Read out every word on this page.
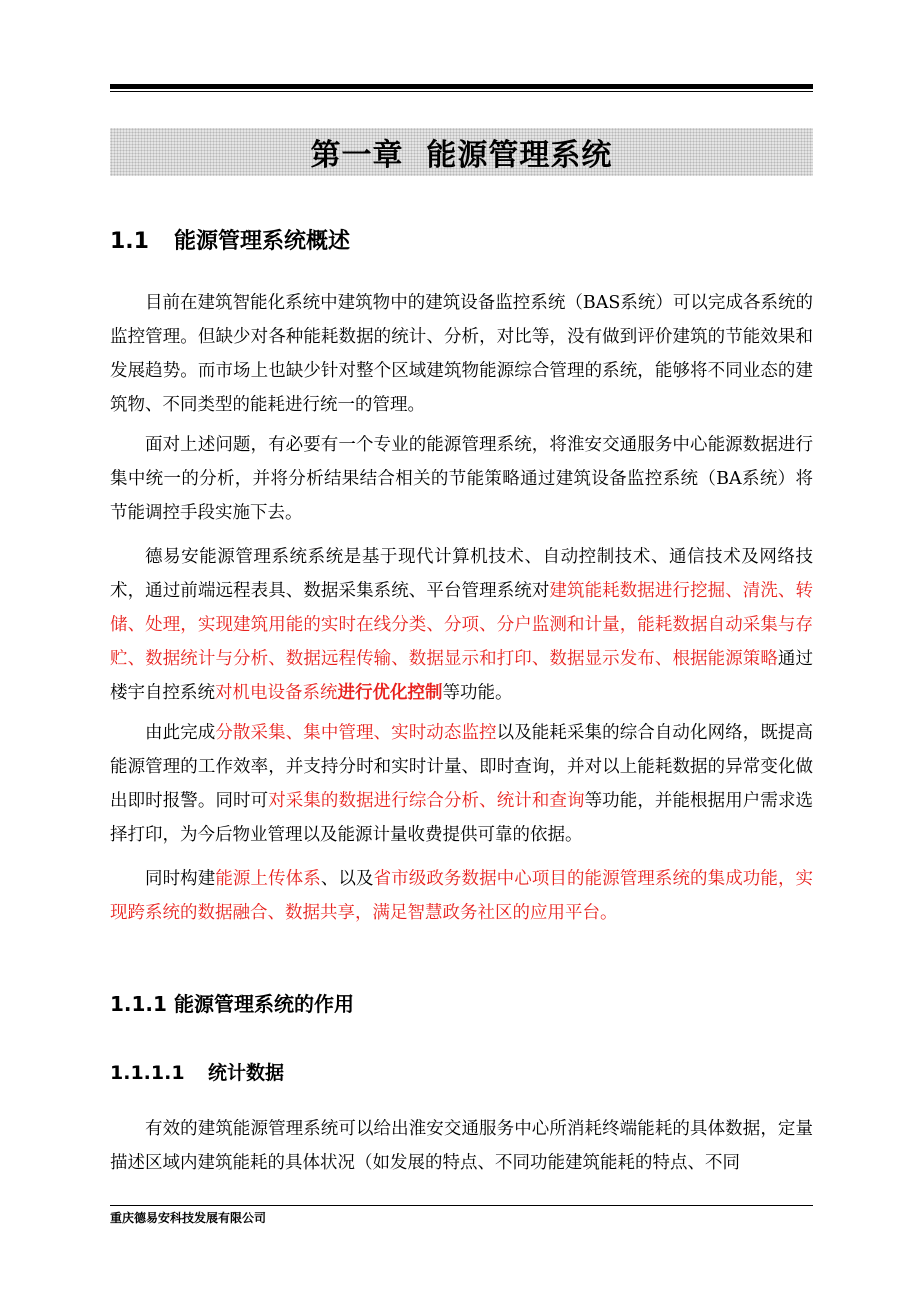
第一章  能源管理系统
1.1 能源管理系统概述

目前在建筑智能化系统中建筑物中的建筑设备监控系统（BAS系统）可以完成各系统的监控管理。但缺少对各种能耗数据的统计、分析，对比等，没有做到评价建筑的节能效果和发展趋势。而市场上也缺少针对整个区域建筑物能源综合管理的系统，能够将不同业态的建筑物、不同类型的能耗进行统一的管理。

面对上述问题，有必要有一个专业的能源管理系统，将淮安交通服务中心能源数据进行集中统一的分析，并将分析结果结合相关的节能策略通过建筑设备监控系统（BA系统）将节能调控手段实施下去。

德易安能源管理系统系统是基于现代计算机技术、自动控制技术、通信技术及网络技术，通过前端远程表具、数据采集系统、平台管理系统对建筑能耗数据进行挖掘、清洗、转储、处理，实现建筑用能的实时在线分类、分项、分户监测和计量，能耗数据自动采集与存贮、数据统计与分析、数据远程传输、数据显示和打印、数据显示发布、根据能源策略通过楼宇自控系统对机电设备系统进行优化控制等功能。

由此完成分散采集、集中管理、实时动态监控以及能耗采集的综合自动化网络，既提高能源管理的工作效率，并支持分时和实时计量、即时查询，并对以上能耗数据的异常变化做出即时报警。同时可对采集的数据进行综合分析、统计和查询等功能，并能根据用户需求选择打印，为今后物业管理以及能源计量收费提供可靠的依据。

同时构建能源上传体系、以及省市级政务数据中心项目的能源管理系统的集成功能，实现跨系统的数据融合、数据共享，满足智慧政务社区的应用平台。

1.1.1 能源管理系统的作用
1.1.1.1 统计数据

有效的建筑能源管理系统可以给出淮安交通服务中心所消耗终端能耗的具体数据，定量描述区域内建筑能耗的具体状况（如发展的特点、不同功能建筑能耗的特点、不同

重庆德易安科技发展有限公司
